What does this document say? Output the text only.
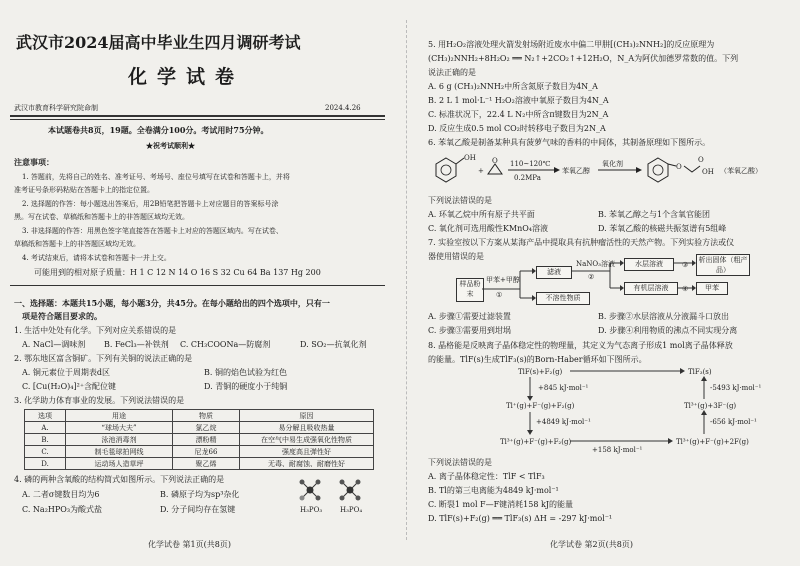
武汉市2024届高中毕业生四月调研考试
化学试卷
武汉市教育科学研究院命制	2024.4.26
本试题卷共8页，19题。全卷满分100分。考试用时75分钟。
★祝考试顺利★
注意事项：
1. 答题前，先将自己的姓名、准考证号、考场号、座位号填写在试卷和答题卡上，并将
准考证号条形码粘贴在答题卡上的指定位置。
2. 选择题的作答：每小题选出答案后，用2B铅笔把答题卡上对应题目的答案标号涂
黑。写在试卷、草稿纸和答题卡上的非答题区域均无效。
3. 非选择题的作答：用黑色签字笔直接答在答题卡上对应的答题区域内。写在试卷、
草稿纸和答题卡上的非答题区域均无效。
4. 考试结束后，请将本试卷和答题卡一并上交。
可能用到的相对原子质量：H 1 C 12 N 14 O 16 S 32 Cu 64 Ba 137 Hg 200
一、选择题：本题共15小题，每小题3分，共45分。在每小题给出的四个选项中，只有一
项是符合题目要求的。
1. 生活中处处有化学。下列对应关系错误的是
A. NaCl—调味剂 B. FeCl₃—补铁剂 C. CH₃COONa—防腐剂	D. SO₂—抗氧化剂
2. 鄂东地区富含铜矿。下列有关铜的说法正确的是
A. 铜元素位于周期表d区	B. 铜的焰色试验为红色
C. [Cu(H₂O)₄]²⁺含配位键	D. 青铜的硬度小于纯铜
3. 化学助力体育事业的发展。下列说法错误的是
选项	用途	物质	原因
A.	“球场大夫”	氯乙烷	易分解且吸收热量
B.	泳池消毒剂	漂粉精	在空气中易生成强氧化性物质
C.	制毛毯球拍网线	尼龙66	强度高且弹性好
D.	运动场人造草坪	聚乙烯	无毒、耐腐蚀、耐磨性好
4. 磷的两种含氧酸的结构简式如图所示。下列说法正确的是
A. 二者σ键数目均为6	B. 磷原子均为sp³杂化
C. Na₂HPO₃为酸式盐	D. 分子间均存在氢键	H₃PO₃	H₃PO₄
化学试卷 第1页(共8页)
5. 用H₂O₂溶液处理火箭发射场附近废水中偏二甲肼[(CH₃)₂NNH₂]的反应原理为
(CH₃)₂NNH₂+8H₂O₂ ══ N₂↑+2CO₂↑+12H₂O，N_A为阿伏加德罗常数的值。下列
说法正确的是
A. 6 g (CH₃)₂NNH₂中所含氮原子数目为4N_A
B. 2 L 1 mol·L⁻¹ H₂O₂溶液中氧原子数目为4N_A
C. 标准状况下，22.4 L N₂中所含π键数目为2N_A
D. 反应生成0.5 mol CO₂时转移电子数目为2N_A
6. 苯氧乙酸是制备某种具有菠萝气味的香料的中间体，其制备原理如下图所示。
OH
+
O 110~120℃
0.2MPa
苯氧乙醇
氧化剂	O
O
OH （苯氧乙酸）
下列说法错误的是
A. 环氧乙烷中所有原子共平面	B. 苯氧乙醇之与1个含氧官能团
C. 氧化剂可选用酸性KMnO₄溶液	D. 苯氧乙酸的核磁共振氢谱有5组峰
7. 实验室按以下方案从某海产品中提取具有抗肿瘤活性的天然产物。下列实验方法或仪
器使用错误的是
样品粉末
甲苯+甲醇
①
滤液
不溶性物质
NaNO₃溶液
②
水层溶液
有机层溶液
③
析出固体（粗产品）
④	甲苯
A. 步骤①需要过滤装置	B. 步骤②水层溶液从分液漏斗口放出
C. 步骤③需要用到坩埚	D. 步骤④利用物质的沸点不同实现分离
8. 晶格能是反映离子晶体稳定性的物理量，其定义为气态离子形成1 mol离子晶体释放
的能量。TlF(s)生成TlF₃(s)的Born-Haber循环如下图所示。
TlF(s)+F₂(g)	TlF₃(s)
+845 kJ·mol⁻¹	-5493 kJ·mol⁻¹
Tl⁺(g)+F⁻(g)+F₂(g)	Tl³⁺(g)+3F⁻(g)
+4849 kJ·mol⁻¹	-656 kJ·mol⁻¹
Tl³⁺(g)+F⁻(g)+F₂(g)
+158 kJ·mol⁻¹
Tl³⁺(g)+F⁻(g)+2F(g)
下列说法错误的是
A. 离子晶体稳定性：TlF < TlF₃
B. Tl的第三电离能为4849 kJ·mol⁻¹
C. 断裂1 mol F—F键消耗158 kJ的能量
D. TlF(s)+F₂(g) ══ TlF₃(s) ΔH = -297 kJ·mol⁻¹
化学试卷 第2页(共8页)
